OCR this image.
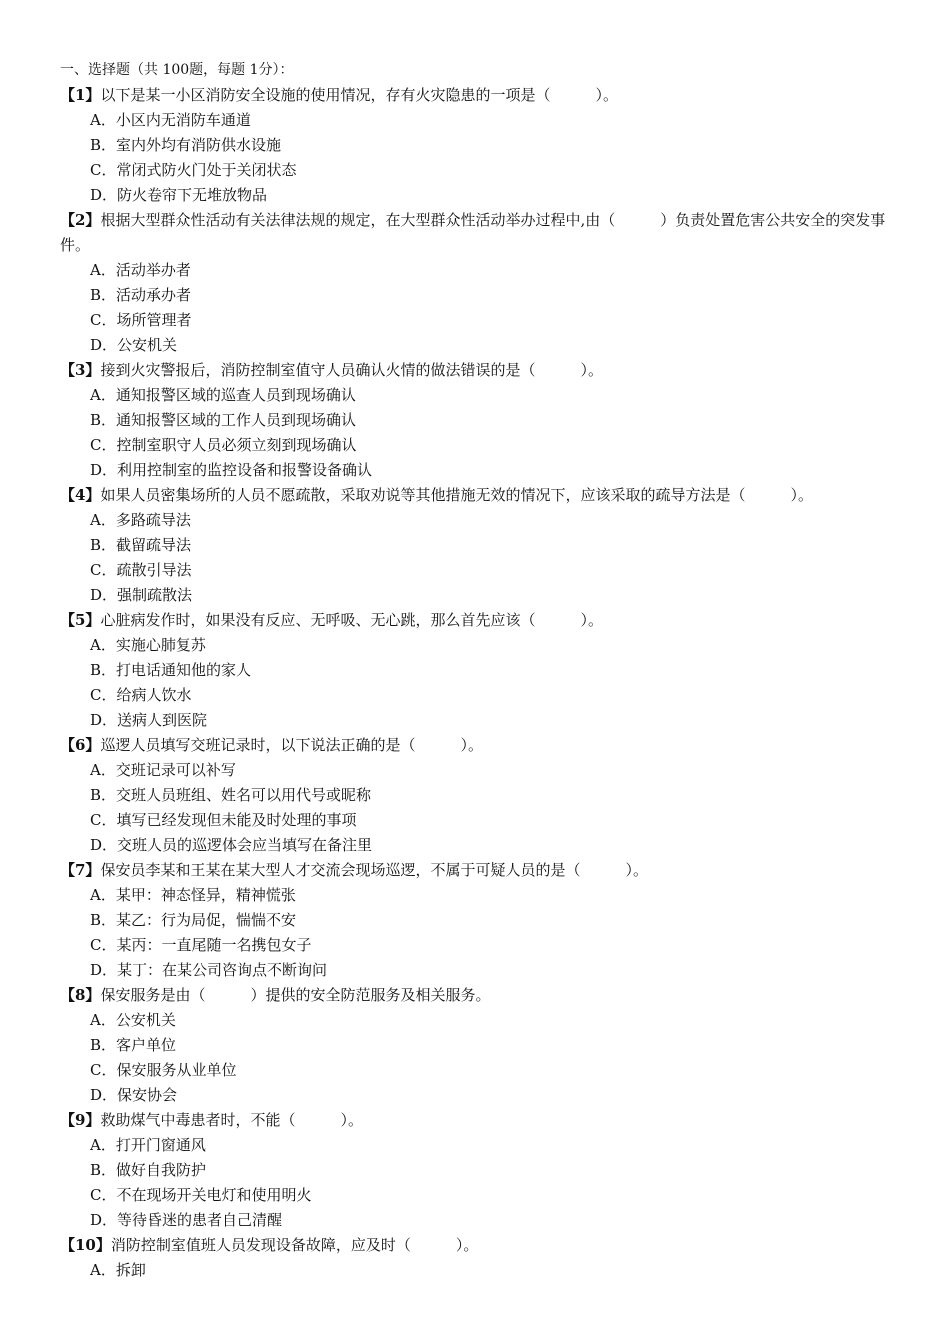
一、选择题（共 100题，每题 1分）：
【1】以下是某一小区消防安全设施的使用情况，存有火灾隐患的一项是（　　　）。
A．小区内无消防车通道
B．室内外均有消防供水设施
C．常闭式防火门处于关闭状态
D．防火卷帘下无堆放物品
【2】根据大型群众性活动有关法律法规的规定，在大型群众性活动举办过程中,由（　　　）负责处置危害公共安全的突发事件。
A．活动举办者
B．活动承办者
C．场所管理者
D．公安机关
【3】接到火灾警报后，消防控制室值守人员确认火情的做法错误的是（　　　）。
A．通知报警区域的巡查人员到现场确认
B．通知报警区域的工作人员到现场确认
C．控制室职守人员必须立刻到现场确认
D．利用控制室的监控设备和报警设备确认
【4】如果人员密集场所的人员不愿疏散，采取劝说等其他措施无效的情况下，应该采取的疏导方法是（　　　）。
A．多路疏导法
B．截留疏导法
C．疏散引导法
D．强制疏散法
【5】心脏病发作时，如果没有反应、无呼吸、无心跳，那么首先应该（　　　）。
A．实施心肺复苏
B．打电话通知他的家人
C．给病人饮水
D．送病人到医院
【6】巡逻人员填写交班记录时，以下说法正确的是（　　　）。
A．交班记录可以补写
B．交班人员班组、姓名可以用代号或昵称
C．填写已经发现但未能及时处理的事项
D．交班人员的巡逻体会应当填写在备注里
【7】保安员李某和王某在某大型人才交流会现场巡逻，不属于可疑人员的是（　　　）。
A．某甲：神态怪异，精神慌张
B．某乙：行为局促，惴惴不安
C．某丙：一直尾随一名携包女子
D．某丁：在某公司咨询点不断询问
【8】保安服务是由（　　　）提供的安全防范服务及相关服务。
A．公安机关
B．客户单位
C．保安服务从业单位
D．保安协会
【9】救助煤气中毒患者时，不能（　　　）。
A．打开门窗通风
B．做好自我防护
C．不在现场开关电灯和使用明火
D．等待昏迷的患者自己清醒
【10】消防控制室值班人员发现设备故障，应及时（　　　）。
A．拆卸
